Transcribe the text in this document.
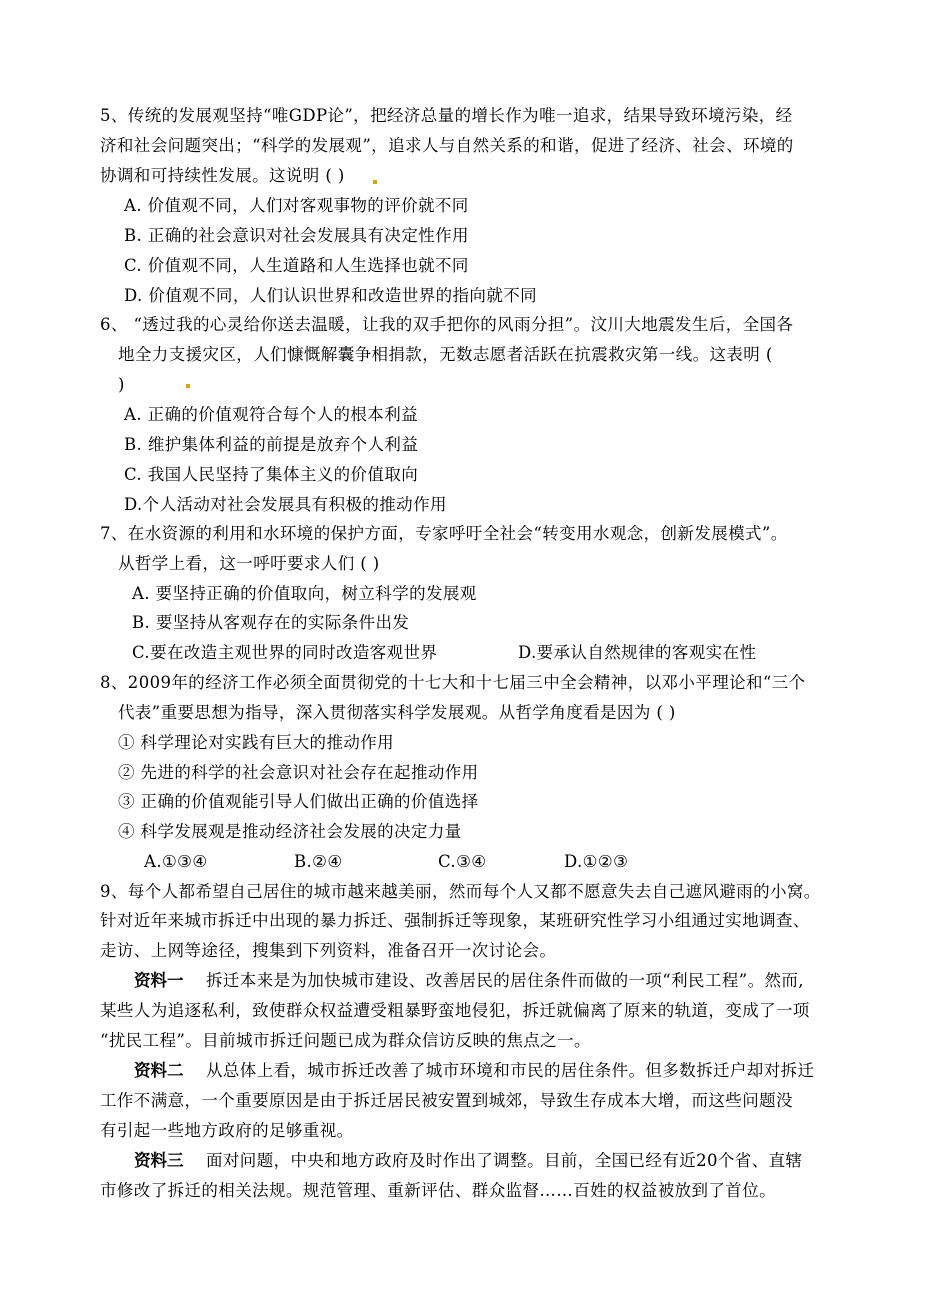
5、传统的发展观坚持“唯GDP论”，把经济总量的增长作为唯一追求，结果导致环境污染，经
济和社会问题突出；“科学的发展观”，追求人与自然关系的和谐，促进了经济、社会、环境的
协调和可持续性发展。这说明 ( )
A. 价值观不同，人们对客观事物的评价就不同
B. 正确的社会意识对社会发展具有决定性作用
C. 价值观不同，人生道路和人生选择也就不同
D. 价值观不同，人们认识世界和改造世界的指向就不同
6、 “透过我的心灵给你送去温暖，让我的双手把你的风雨分担”。汶川大地震发生后，全国各
地全力支援灾区，人们慷慨解囊争相捐款，无数志愿者活跃在抗震救灾第一线。这表明 (
)
A. 正确的价值观符合每个人的根本利益
B. 维护集体利益的前提是放弃个人利益
C. 我国人民坚持了集体主义的价值取向
D.个人活动对社会发展具有积极的推动作用
7、在水资源的利用和水环境的保护方面，专家呼吁全社会“转变用水观念，创新发展模式”。
从哲学上看，这一呼吁要求人们 ( )
A. 要坚持正确的价值取向，树立科学的发展观
B. 要坚持从客观存在的实际条件出发
C.要在改造主观世界的同时改造客观世界	D.要承认自然规律的客观实在性
8、2009年的经济工作必须全面贯彻党的十七大和十七届三中全会精神，以邓小平理论和“三个
代表”重要思想为指导，深入贯彻落实科学发展观。从哲学角度看是因为 ( )
① 科学理论对实践有巨大的推动作用
② 先进的科学的社会意识对社会存在起推动作用
③ 正确的价值观能引导人们做出正确的价值选择
④ 科学发展观是推动经济社会发展的决定力量
A.①③④	B.②④	C.③④	D.①②③
9、每个人都希望自己居住的城市越来越美丽，然而每个人又都不愿意失去自己遮风避雨的小窝。
针对近年来城市拆迁中出现的暴力拆迁、强制拆迁等现象，某班研究性学习小组通过实地调查、
走访、上网等途径，搜集到下列资料，准备召开一次讨论会。
资料一 拆迁本来是为加快城市建设、改善居民的居住条件而做的一项“利民工程”。然而,
某些人为追逐私利，致使群众权益遭受粗暴野蛮地侵犯，拆迁就偏离了原来的轨道，变成了一项
“扰民工程”。目前城市拆迁问题已成为群众信访反映的焦点之一。
资料二 从总体上看，城市拆迁改善了城市环境和市民的居住条件。但多数拆迁户却对拆迁
工作不满意，一个重要原因是由于拆迁居民被安置到城郊，导致生存成本大增，而这些问题没
有引起一些地方政府的足够重视。
资料三 面对问题，中央和地方政府及时作出了调整。目前，全国已经有近20个省、直辖
市修改了拆迁的相关法规。规范管理、重新评估、群众监督……百姓的权益被放到了首位。
